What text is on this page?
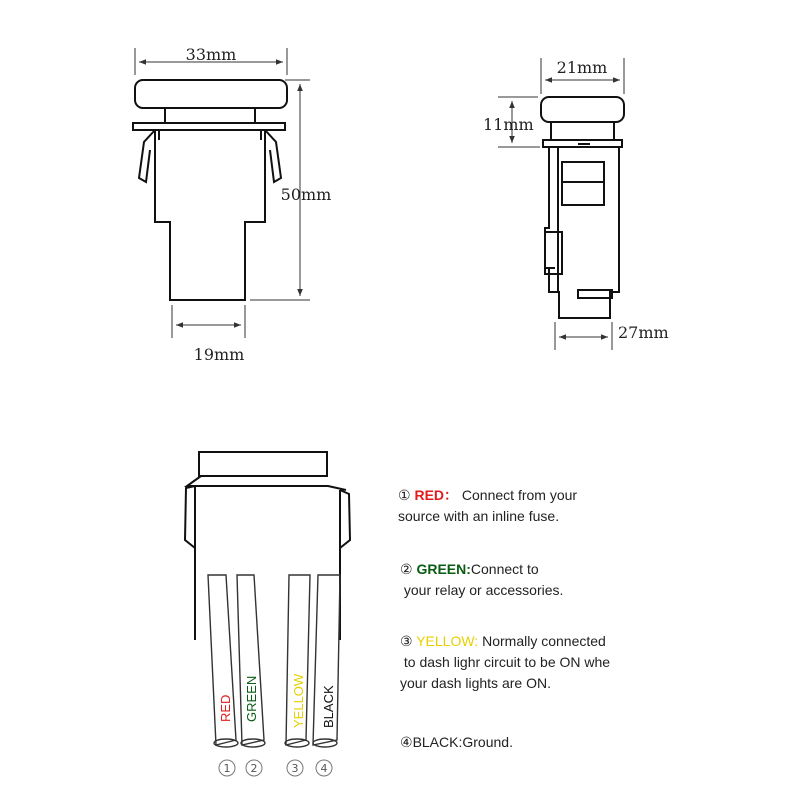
33mm
50mm
19mm
21mm
11mm
27mm
RED GREEN YELLOW BLACK
1 2	3 4
① RED： Connect from your
source with an inline fuse.
② GREEN:Connect to
your relay or accessories.
③ YELLOW: Normally connected
to dash lighr circuit to be ON whe
your dash lights are ON.
④BLACK:Ground.
